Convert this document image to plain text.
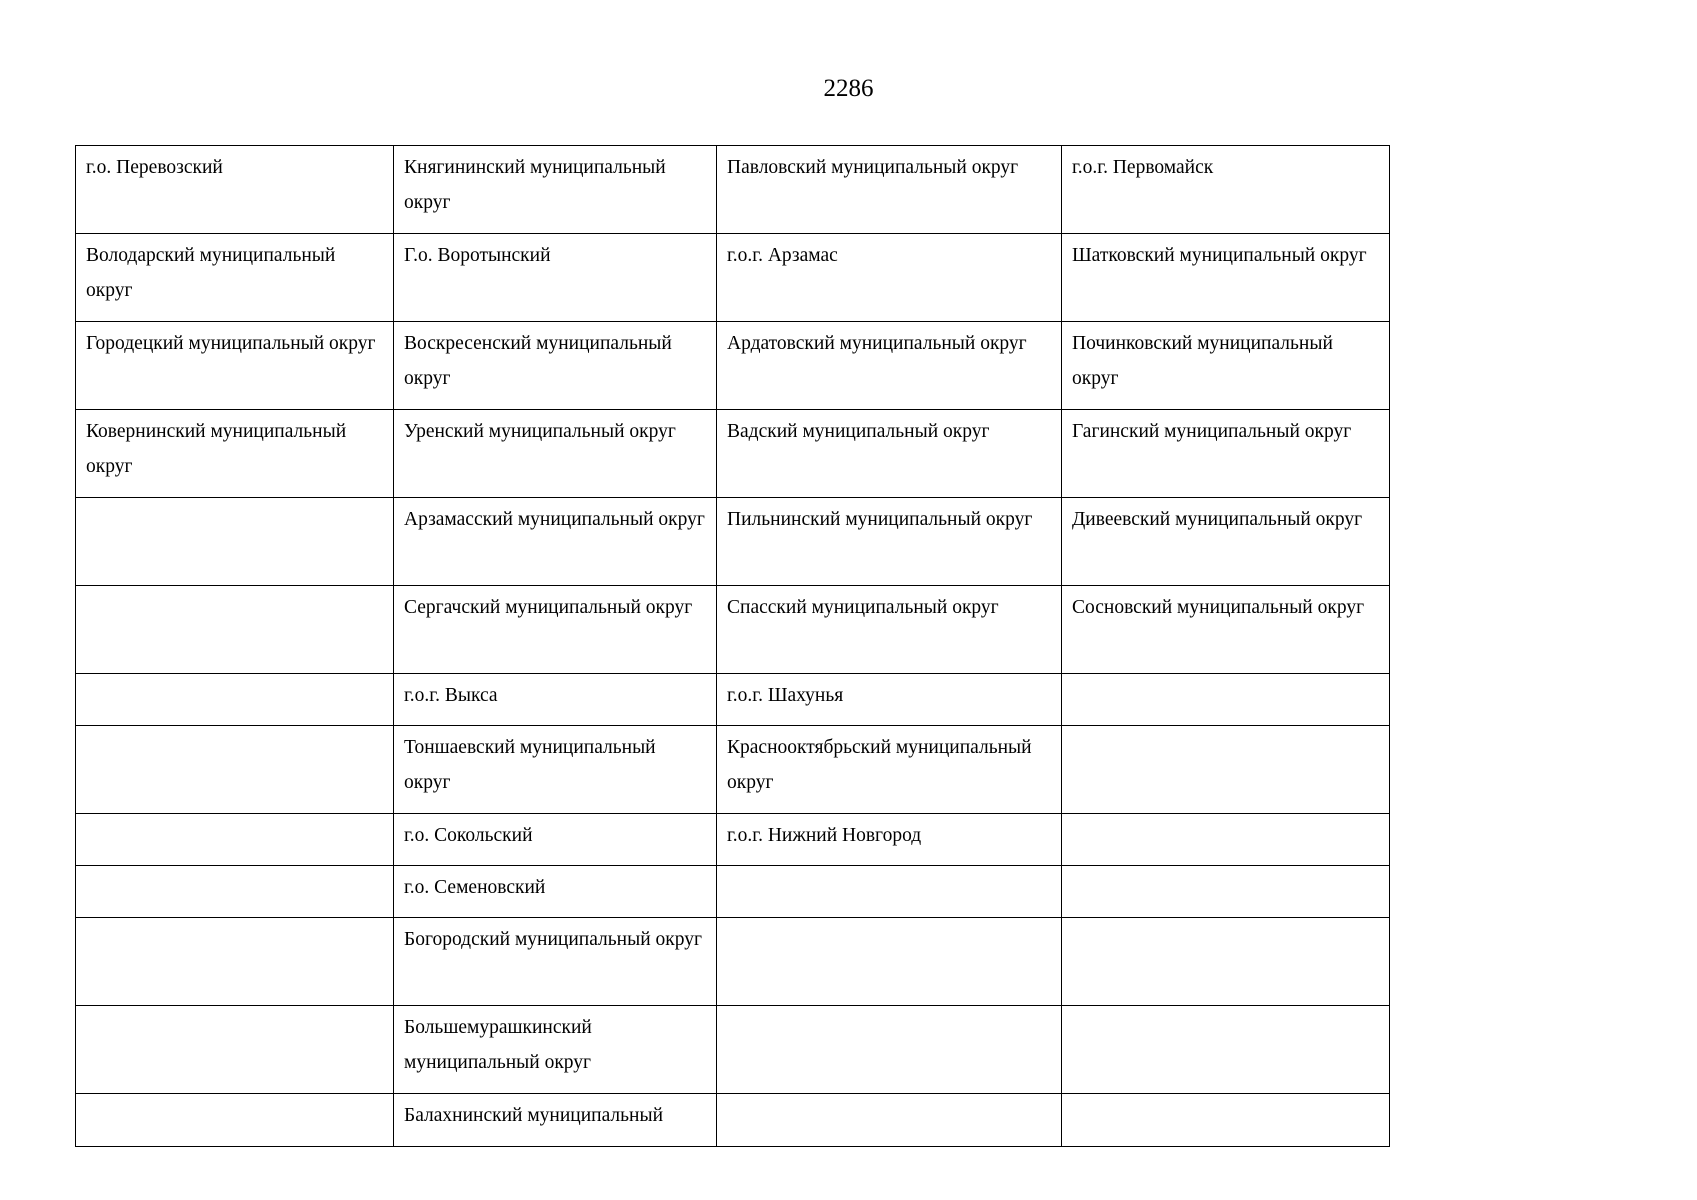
2286
г.о. Перевозский	Княгининский муниципальный округ	Павловский муниципальный округ	г.о.г. Первомайск
Володарский муниципальный округ	Г.о. Воротынский	г.о.г. Арзамас	Шатковский муниципальный округ
Городецкий муниципальный округ	Воскресенский муниципальный округ	Ардатовский муниципальный округ	Починковский муниципальный округ
Ковернинский муниципальный округ	Уренский муниципальный округ	Вадский муниципальный округ	Гагинский муниципальный округ
	Арзамасский муниципальный округ	Пильнинский муниципальный округ	Дивеевский муниципальный округ
	Сергачский муниципальный округ	Спасский муниципальный округ	Сосновский муниципальный округ
	г.о.г. Выкса	г.о.г. Шахунья	
	Тоншаевский муниципальный округ	Краснооктябрьский муниципальный округ	
	г.о. Сокольский	г.о.г. Нижний Новгород	
	г.о. Семеновский		
	Богородский муниципальный округ		
	Большемурашкинский муниципальный округ		
	Балахнинский муниципальный		
